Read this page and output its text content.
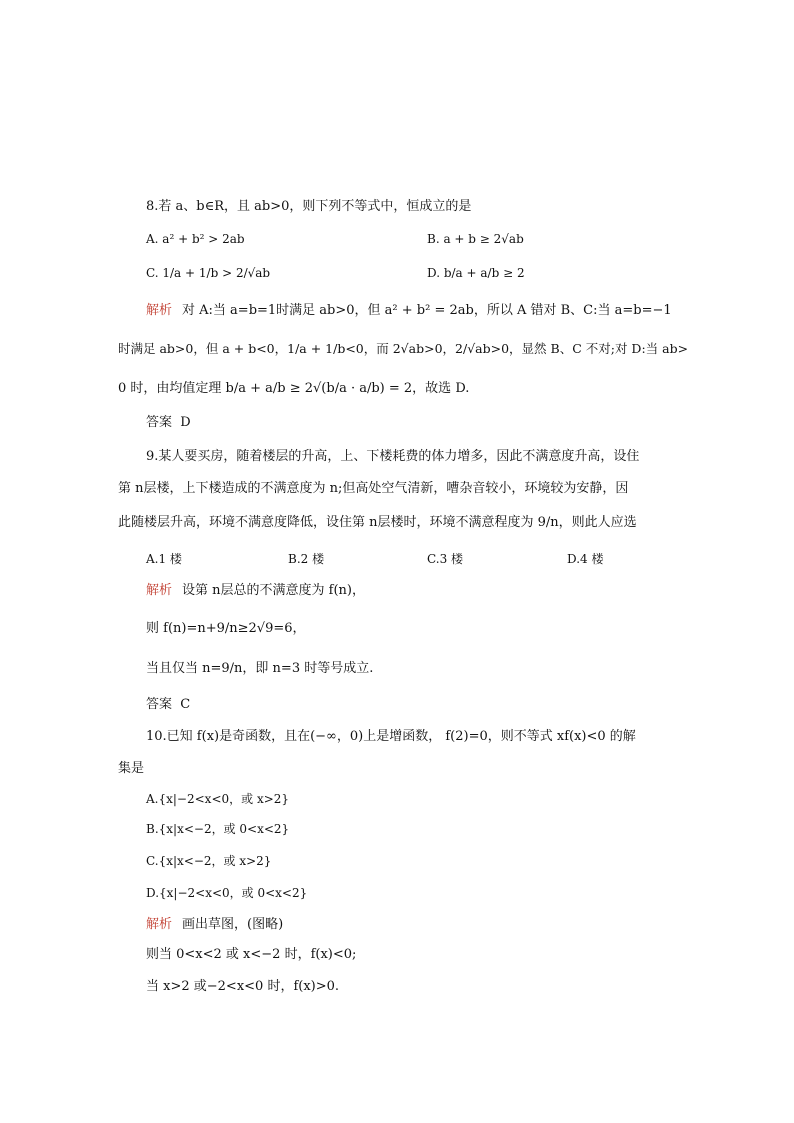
8.若 a、b∈R，且 ab>0，则下列不等式中，恒成立的是
A. a² + b² > 2ab	B. a + b ≥ 2√ab
C. 1/a + 1/b > 2/√ab	D. b/a + a/b ≥ 2
解析 对 A:当 a=b=1时满足 ab>0，但 a² + b² = 2ab，所以 A 错对 B、C:当 a=b=−1
时满足 ab>0，但 a + b<0，1/a + 1/b<0，而 2√ab>0，2/√ab>0，显然 B、C 不对;对 D:当 ab>
0 时，由均值定理 b/a + a/b ≥ 2√(b/a · a/b) = 2，故选 D.
答案 D
9.某人要买房，随着楼层的升高，上、下楼耗费的体力增多，因此不满意度升高，设住
第 n层楼，上下楼造成的不满意度为 n;但高处空气清新，嘈杂音较小，环境较为安静，因
此随楼层升高，环境不满意度降低，设住第 n层楼时，环境不满意程度为 9/n，则此人应选
A.1 楼	B.2 楼	C.3 楼	D.4 楼
解析 设第 n层总的不满意度为 f(n)，
则 f(n)=n+9/n≥2√9=6，
当且仅当 n=9/n，即 n=3 时等号成立.
答案 C
10.已知 f(x)是奇函数，且在(−∞，0)上是增函数， f(2)=0，则不等式 xf(x)<0 的解
集是
A.{x|−2<x<0，或 x>2}
B.{x|x<−2，或 0<x<2}
C.{x|x<−2，或 x>2}
D.{x|−2<x<0，或 0<x<2}
解析 画出草图，(图略)
则当 0<x<2 或 x<−2 时，f(x)<0;
当 x>2 或−2<x<0 时，f(x)>0.
